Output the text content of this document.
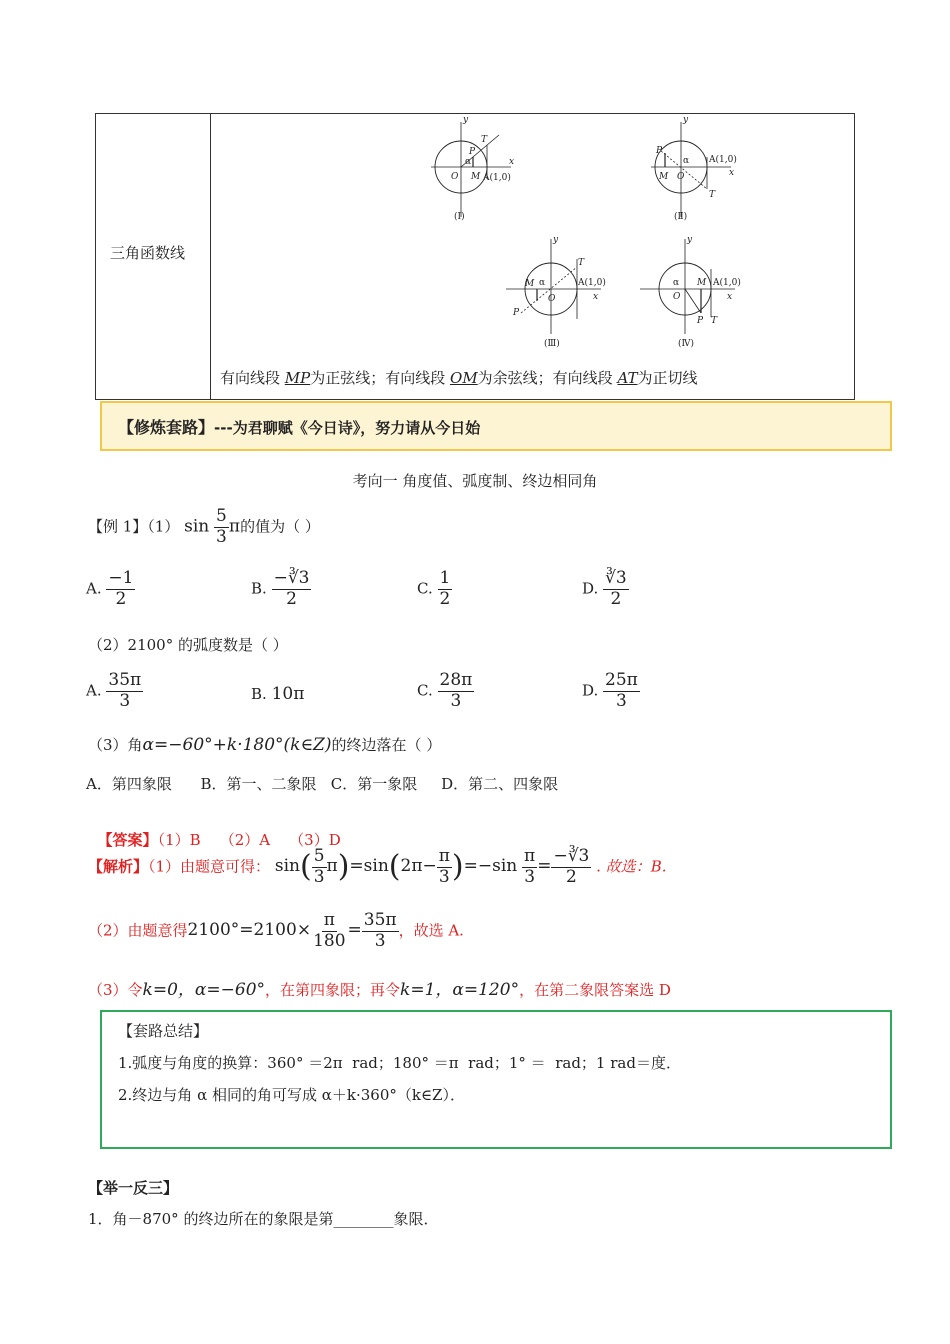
三角函数线
y
x
O M
P
T
α
A(1,0)
(Ⅰ)
y
x
O
M
P
T
α A(1,0)
(Ⅱ)
y
x
O
M
P
T
α	A(1,0)
(Ⅲ)
y
x
O
M
P T
α	A(1,0)
(Ⅳ)
有向线段 MP为正弦线；有向线段 OM为余弦线；有向线段 AT为正切线
【修炼套路】---为君聊赋《今日诗》，努力请从今日始
考向一 角度值、弧度制、终边相同角
【例 1】（1） $\sin \frac{5}{3}$ π的值为（ ）
A. $\frac{-1}{2}$	B. $\frac{-∛3}{2}$	C. $\frac{1}{2}$	D. $\frac{∛3}{2}$
（2）2100° 的弧度数是（ ）
A. $\frac{35\pi}{3}$	B. 10π	C. $\frac{28\pi}{3}$	D. $\frac{25\pi}{3}$
（3）角α=−60°+k·180°(k∈Z)的终边落在（ ）
A．第四象限      B．第一、二象限   C．第一象限     D．第二、四象限

【答案】（1）B    （2）A    （3）D

【解析】（1）由题意可得： $\sin( \frac{5}{3} \pi)=\sin(2\pi- \frac{\pi}{3} )=-\sin \frac{\pi}{3} = \frac{-∛3}{2}$ . 故选：B.
（2）由题意得$2100^\circ=2100\times \frac{\pi}{180} = \frac{35\pi}{3}$ ，故选 A.
（3）令k=0，α=−60°，在第四象限；再令k=1，α=120°，在第二象限答案选 D
【套路总结】
1.弧度与角度的换算：360° ＝2π  rad；180° ＝π  rad；1° ＝  rad；1 rad＝度．
2.终边与角 α 相同的角可写成 α＋k·360°（k∈Z）．
【举一反三】
1．角－870° 的终边所在的象限是第________象限．
